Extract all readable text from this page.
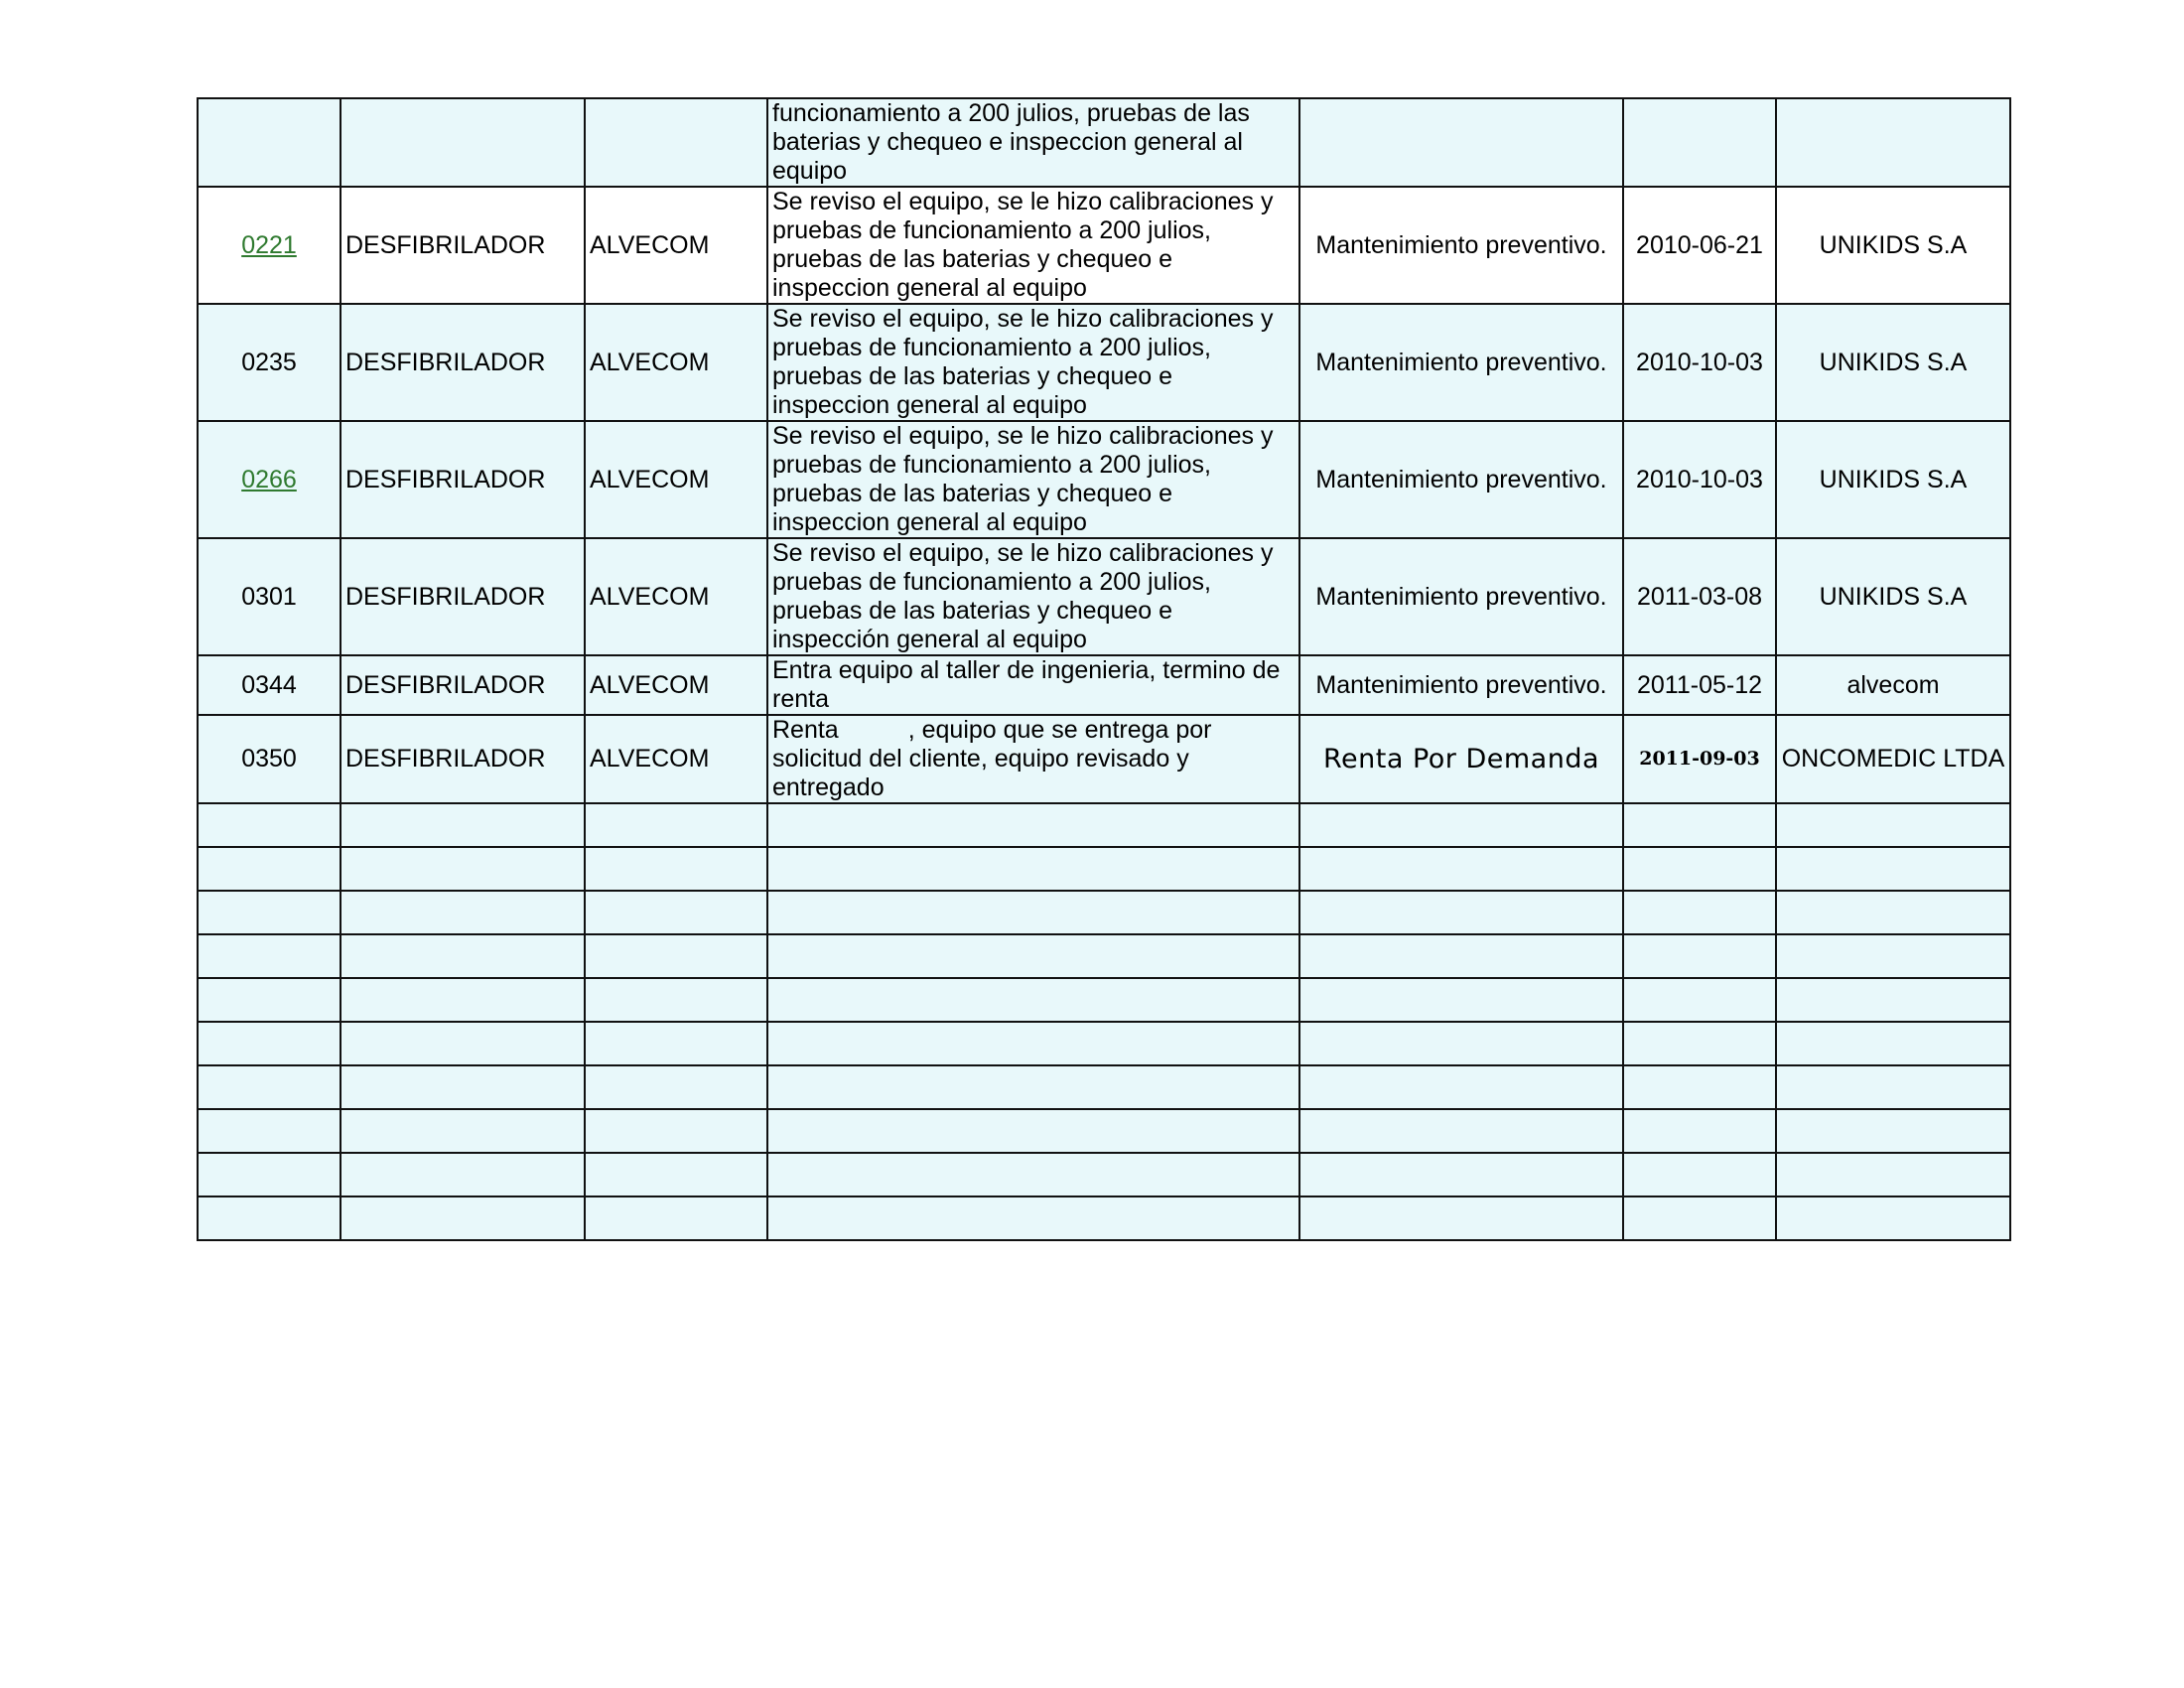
			funcionamiento a 200 julios, pruebas de las baterias y chequeo e inspeccion general al equipo			
0221	DESFIBRILADOR	ALVECOM	Se reviso el equipo, se le hizo calibraciones y pruebas de funcionamiento a 200 julios, pruebas de las baterias y chequeo e inspeccion general al equipo	Mantenimiento preventivo.	2010-06-21	UNIKIDS S.A
0235	DESFIBRILADOR	ALVECOM	Se reviso el equipo, se le hizo calibraciones y pruebas de funcionamiento a 200 julios, pruebas de las baterias y chequeo e inspeccion general al equipo	Mantenimiento preventivo.	2010-10-03	UNIKIDS S.A
0266	DESFIBRILADOR	ALVECOM	Se reviso el equipo, se le hizo calibraciones y pruebas de funcionamiento a 200 julios, pruebas de las baterias y chequeo e inspeccion general al equipo	Mantenimiento preventivo.	2010-10-03	UNIKIDS S.A
0301	DESFIBRILADOR	ALVECOM	Se reviso el equipo, se le hizo calibraciones y pruebas de funcionamiento a 200 julios, pruebas de las baterias y chequeo e inspección general al equipo	Mantenimiento preventivo.	2011-03-08	UNIKIDS S.A
0344	DESFIBRILADOR	ALVECOM	Entra equipo al taller de ingenieria, termino de renta	Mantenimiento preventivo.	2011-05-12	alvecom
0350	DESFIBRILADOR	ALVECOM	Renta , equipo que se entrega por solicitud del cliente, equipo revisado y entregado	Renta Por Demanda	2011-09-03	ONCOMEDIC LTDA
